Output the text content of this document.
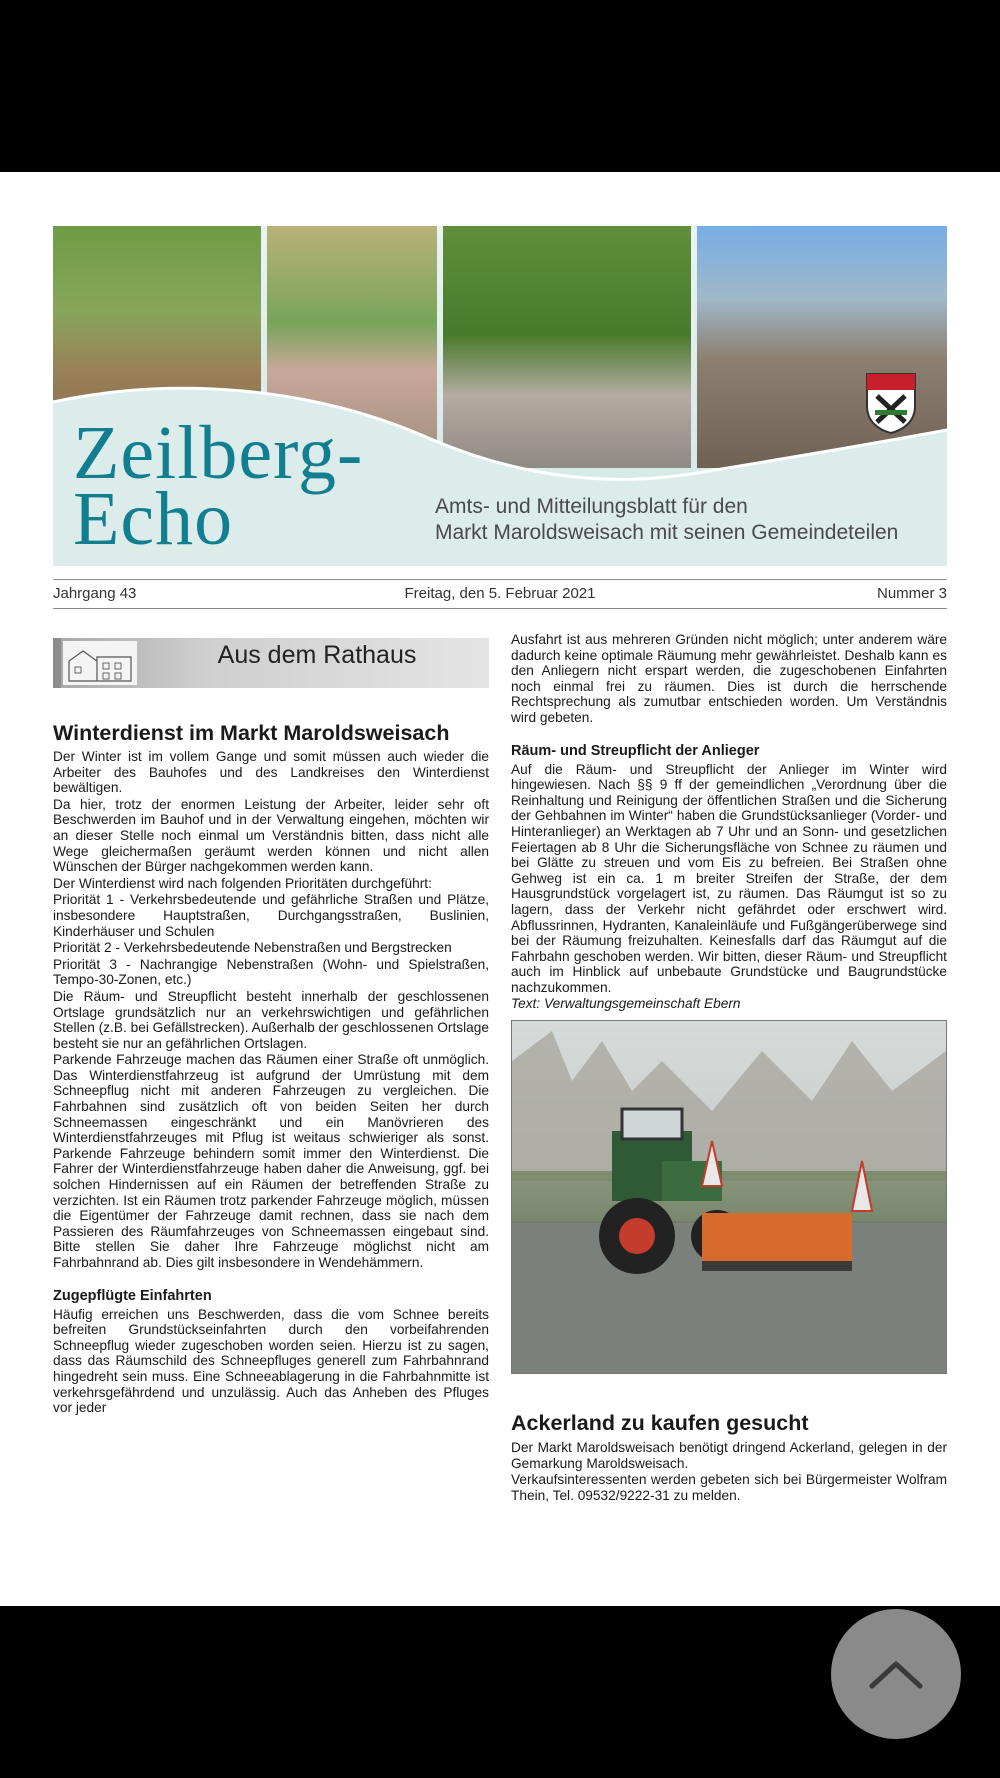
Zeilberg-
Echo	Amts- und Mitteilungsblatt für den
Markt Maroldsweisach mit seinen Gemeindeteilen
Freitag, den 5. Februar 2021
Jahrgang 43	Nummer 3
Aus dem Rathaus
Winterdienst im Markt Maroldsweisach

Der Winter ist im vollem Gange und somit müssen auch wieder die Arbeiter des Bauhofes und des Landkreises den Winterdienst bewältigen.

Da hier, trotz der enormen Leistung der Arbeiter, leider sehr oft Beschwerden im Bauhof und in der Verwaltung eingehen, möchten wir an dieser Stelle noch einmal um Verständnis bitten, dass nicht alle Wege gleichermaßen geräumt werden können und nicht allen Wünschen der Bürger nachgekommen werden kann.

Der Winterdienst wird nach folgenden Prioritäten durchgeführt:

Priorität 1 - Verkehrsbedeutende und gefährliche Straßen und Plätze, insbesondere Hauptstraßen, Durchgangsstraßen, Buslinien, Kinderhäuser und Schulen

Priorität 2 - Verkehrsbedeutende Nebenstraßen und Bergstrecken

Priorität 3 - Nachrangige Nebenstraßen (Wohn- und Spielstraßen, Tempo-30-Zonen, etc.)

Die Räum- und Streupflicht besteht innerhalb der geschlossenen Ortslage grundsätzlich nur an verkehrswichtigen und gefährlichen Stellen (z.B. bei Gefällstrecken). Außerhalb der geschlossenen Ortslage besteht sie nur an gefährlichen Ortslagen.

Parkende Fahrzeuge machen das Räumen einer Straße oft unmöglich. Das Winterdienstfahrzeug ist aufgrund der Umrüstung mit dem Schneepflug nicht mit anderen Fahrzeugen zu vergleichen. Die Fahrbahnen sind zusätzlich oft von beiden Seiten her durch Schneemassen eingeschränkt und ein Manövrieren des Winterdienstfahrzeuges mit Pflug ist weitaus schwieriger als sonst. Parkende Fahrzeuge behindern somit immer den Winterdienst. Die Fahrer der Winterdienstfahrzeuge haben daher die Anweisung, ggf. bei solchen Hindernissen auf ein Räumen der betreffenden Straße zu verzichten. Ist ein Räumen trotz parkender Fahrzeuge möglich, müssen die Eigentümer der Fahrzeuge damit rechnen, dass sie nach dem Passieren des Räumfahrzeuges von Schneemassen eingebaut sind. Bitte stellen Sie daher Ihre Fahrzeuge möglichst nicht am Fahrbahnrand ab. Dies gilt insbesondere in Wendehämmern.

Zugepflügte Einfahrten

Häufig erreichen uns Beschwerden, dass die vom Schnee bereits befreiten Grundstückseinfahrten durch den vorbeifahrenden Schneepflug wieder zugeschoben worden seien. Hierzu ist zu sagen, dass das Räumschild des Schneepfluges generell zum Fahrbahnrand hingedreht sein muss. Eine Schneeablagerung in die Fahrbahnmitte ist verkehrsgefährdend und unzulässig. Auch das Anheben des Pfluges vor jeder

Ausfahrt ist aus mehreren Gründen nicht möglich; unter anderem wäre dadurch keine optimale Räumung mehr gewährleistet. Deshalb kann es den Anliegern nicht erspart werden, die zugeschobenen Einfahrten noch einmal frei zu räumen. Dies ist durch die herrschende Rechtsprechung als zumutbar entschieden worden. Um Verständnis wird gebeten.

Räum- und Streupflicht der Anlieger

Auf die Räum- und Streupflicht der Anlieger im Winter wird hingewiesen. Nach §§ 9 ff der gemeindlichen „Verordnung über die Reinhaltung und Reinigung der öffentlichen Straßen und die Sicherung der Gehbahnen im Winter“ haben die Grundstücksanlieger (Vorder- und Hinteranlieger) an Werktagen ab 7 Uhr und an Sonn- und gesetzlichen Feiertagen ab 8 Uhr die Sicherungsfläche von Schnee zu räumen und bei Glätte zu streuen und vom Eis zu befreien. Bei Straßen ohne Gehweg ist ein ca. 1 m breiter Streifen der Straße, der dem Hausgrundstück vorgelagert ist, zu räumen. Das Räumgut ist so zu lagern, dass der Verkehr nicht gefährdet oder erschwert wird. Abflussrinnen, Hydranten, Kanaleinläufe und Fußgängerüberwege sind bei der Räumung freizuhalten. Keinesfalls darf das Räumgut auf die Fahrbahn geschoben werden. Wir bitten, dieser Räum- und Streupflicht auch im Hinblick auf unbebaute Grundstücke und Baugrundstücke nachzukommen.

Text: Verwaltungsgemeinschaft Ebern

Ackerland zu kaufen gesucht

Der Markt Maroldsweisach benötigt dringend Ackerland, gelegen in der Gemarkung Maroldsweisach.

Verkaufsinteressenten werden gebeten sich bei Bürgermeister Wolfram Thein, Tel. 09532/9222-31 zu melden.
